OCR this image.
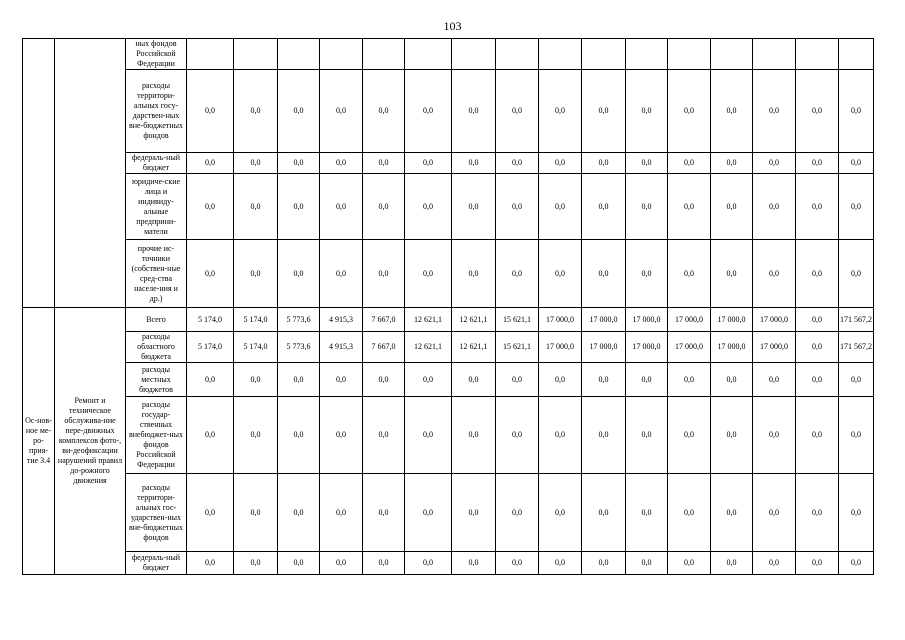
103
		ных фондов Российской Федерации																
		расходы территори-альных госу-дарствен-ных вне-бюджетных фондов	0,0	0,0	0,0	0,0	0,0	0,0	0,0	0,0	0,0	0,0	0,0	0,0	0,0	0,0	0,0	0,0
		федераль-ный бюджет	0,0	0,0	0,0	0,0	0,0	0,0	0,0	0,0	0,0	0,0	0,0	0,0	0,0	0,0	0,0	0,0
		юридиче-ские лица и индивиду-альные предприни-матели	0,0	0,0	0,0	0,0	0,0	0,0	0,0	0,0	0,0	0,0	0,0	0,0	0,0	0,0	0,0	0,0
		прочие ис-точники (собствен-ные сред-ства населе-ния и др.)	0,0	0,0	0,0	0,0	0,0	0,0	0,0	0,0	0,0	0,0	0,0	0,0	0,0	0,0	0,0	0,0
Ос-нов-ное ме-ро-прия-тие 3.4	Ремонт и техническое обслужива-ние пере-движных комплексов фото-, ви-деофиксации нарушений правил до-рожного движения	Всего	5 174,0	5 174,0	5 773,6	4 915,3	7 667,0	12 621,1	12 621,1	15 621,1	17 000,0	17 000,0	17 000,0	17 000,0	17 000,0	17 000,0	0,0	171 567,2
		расходы областного бюджета	5 174,0	5 174,0	5 773,6	4 915,3	7 667,0	12 621,1	12 621,1	15 621,1	17 000,0	17 000,0	17 000,0	17 000,0	17 000,0	17 000,0	0,0	171 567,2
		расходы местных бюджетов	0,0	0,0	0,0	0,0	0,0	0,0	0,0	0,0	0,0	0,0	0,0	0,0	0,0	0,0	0,0	0,0
		расходы государ-ственных внебюджет-ных фондов Российской Федерации	0,0	0,0	0,0	0,0	0,0	0,0	0,0	0,0	0,0	0,0	0,0	0,0	0,0	0,0	0,0	0,0
		расходы территори-альных гос-ударствен-ных вне-бюджетных фондов	0,0	0,0	0,0	0,0	0,0	0,0	0,0	0,0	0,0	0,0	0,0	0,0	0,0	0,0	0,0	0,0
		федераль-ный бюджет	0,0	0,0	0,0	0,0	0,0	0,0	0,0	0,0	0,0	0,0	0,0	0,0	0,0	0,0	0,0	0,0
